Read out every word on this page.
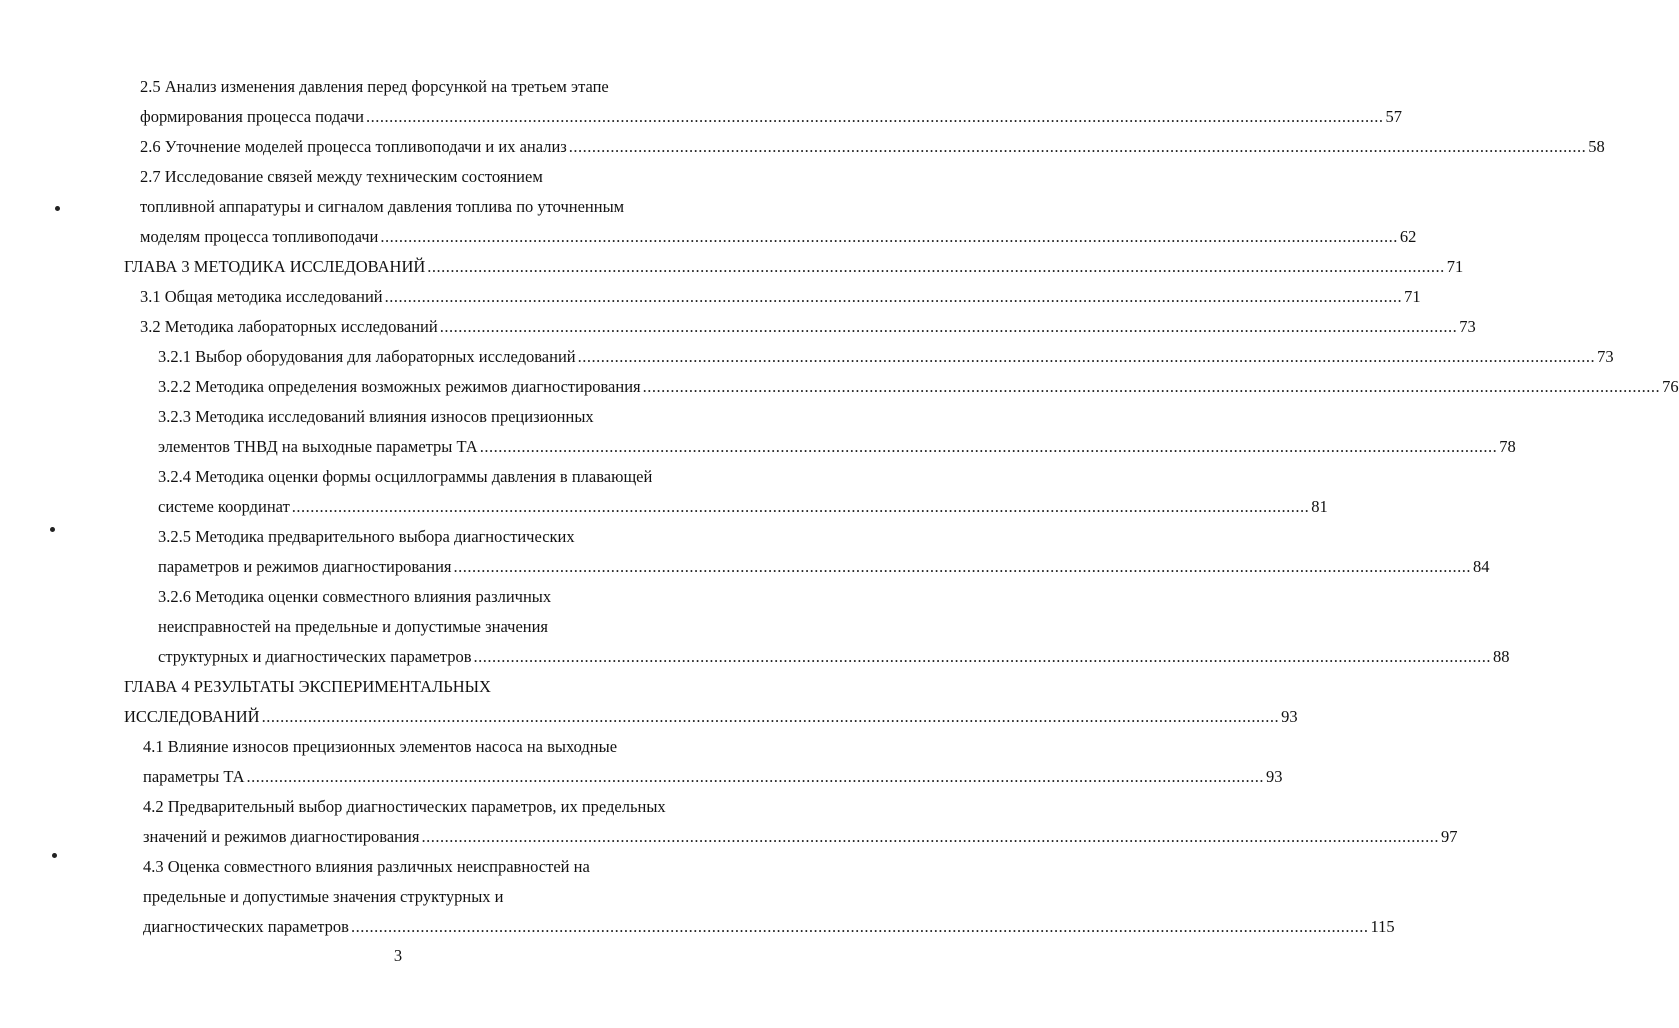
2.5 Анализ изменения давления перед форсункой на третьем этапе
формирования процесса подачи ............................................................................................................................................................................................................................ 57
2.6 Уточнение моделей процесса топливоподачи и их анализ ............................................................................................................................................................................................................................ 58
2.7 Исследование связей между техническим состоянием
топливной аппаратуры и сигналом давления топлива по уточненным
моделям процесса топливоподачи ............................................................................................................................................................................................................................ 62
ГЛАВА 3 МЕТОДИКА ИССЛЕДОВАНИЙ ............................................................................................................................................................................................................................ 71
3.1 Общая методика исследований ............................................................................................................................................................................................................................ 71
3.2 Методика лабораторных исследований ............................................................................................................................................................................................................................ 73
3.2.1 Выбор оборудования для лабораторных исследований ............................................................................................................................................................................................................................ 73
3.2.2 Методика определения возможных режимов диагностирования ............................................................................................................................................................................................................................ 76
3.2.3 Методика исследований влияния износов прецизионных
элементов ТНВД на выходные параметры ТА ............................................................................................................................................................................................................................ 78
3.2.4 Методика оценки формы осциллограммы давления в плавающей
системе координат ............................................................................................................................................................................................................................ 81
3.2.5 Методика предварительного выбора диагностических
параметров и режимов диагностирования ............................................................................................................................................................................................................................ 84
3.2.6 Методика оценки совместного влияния различных
неисправностей на предельные и допустимые значения
структурных и диагностических параметров ............................................................................................................................................................................................................................ 88
ГЛАВА 4 РЕЗУЛЬТАТЫ ЭКСПЕРИМЕНТАЛЬНЫХ
ИССЛЕДОВАНИЙ ............................................................................................................................................................................................................................ 93
4.1 Влияние износов прецизионных элементов насоса на выходные
параметры ТА ............................................................................................................................................................................................................................ 93
4.2 Предварительный выбор диагностических параметров, их предельных
значений и режимов диагностирования ............................................................................................................................................................................................................................ 97
4.3 Оценка совместного влияния различных неисправностей на
предельные и допустимые значения структурных и
диагностических параметров ............................................................................................................................................................................................................................ 115
3
